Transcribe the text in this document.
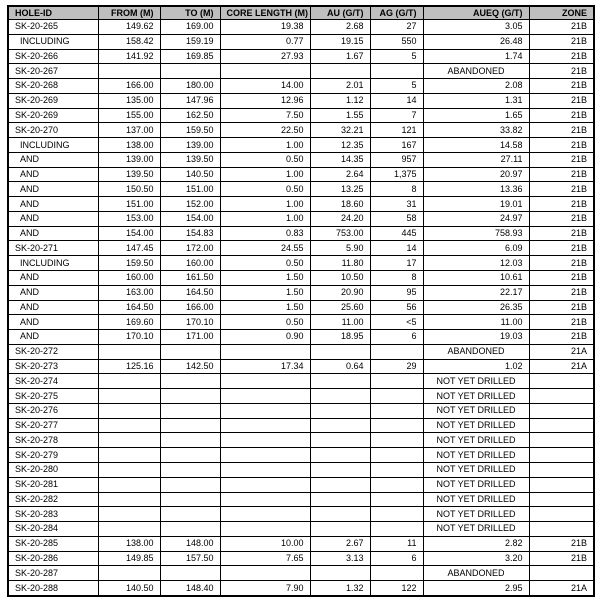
HOLE-ID	FROM (M)	TO (M)	CORE LENGTH (M)	AU (G/T)	AG (G/T)	AUEQ (G/T)	ZONE
SK-20-265	149.62	169.00	19.38	2.68	27	3.05	21B
INCLUDING	158.42	159.19	0.77	19.15	550	26.48	21B
SK-20-266	141.92	169.85	27.93	1.67	5	1.74	21B
SK-20-267						ABANDONED	21B
SK-20-268	166.00	180.00	14.00	2.01	5	2.08	21B
SK-20-269	135.00	147.96	12.96	1.12	14	1.31	21B
SK-20-269	155.00	162.50	7.50	1.55	7	1.65	21B
SK-20-270	137.00	159.50	22.50	32.21	121	33.82	21B
INCLUDING	138.00	139.00	1.00	12.35	167	14.58	21B
AND	139.00	139.50	0.50	14.35	957	27.11	21B
AND	139.50	140.50	1.00	2.64	1,375	20.97	21B
AND	150.50	151.00	0.50	13.25	8	13.36	21B
AND	151.00	152.00	1.00	18.60	31	19.01	21B
AND	153.00	154.00	1.00	24.20	58	24.97	21B
AND	154.00	154.83	0.83	753.00	445	758.93	21B
SK-20-271	147.45	172.00	24.55	5.90	14	6.09	21B
INCLUDING	159.50	160.00	0.50	11.80	17	12.03	21B
AND	160.00	161.50	1.50	10.50	8	10.61	21B
AND	163.00	164.50	1.50	20.90	95	22.17	21B
AND	164.50	166.00	1.50	25.60	56	26.35	21B
AND	169.60	170.10	0.50	11.00	<5	11.00	21B
AND	170.10	171.00	0.90	18.95	6	19.03	21B
SK-20-272						ABANDONED	21A
SK-20-273	125.16	142.50	17.34	0.64	29	1.02	21A
SK-20-274						NOT YET DRILLED	
SK-20-275						NOT YET DRILLED	
SK-20-276						NOT YET DRILLED	
SK-20-277						NOT YET DRILLED	
SK-20-278						NOT YET DRILLED	
SK-20-279						NOT YET DRILLED	
SK-20-280						NOT YET DRILLED	
SK-20-281						NOT YET DRILLED	
SK-20-282						NOT YET DRILLED	
SK-20-283						NOT YET DRILLED	
SK-20-284						NOT YET DRILLED	
SK-20-285	138.00	148.00	10.00	2.67	11	2.82	21B
SK-20-286	149.85	157.50	7.65	3.13	6	3.20	21B
SK-20-287						ABANDONED	
SK-20-288	140.50	148.40	7.90	1.32	122	2.95	21A
